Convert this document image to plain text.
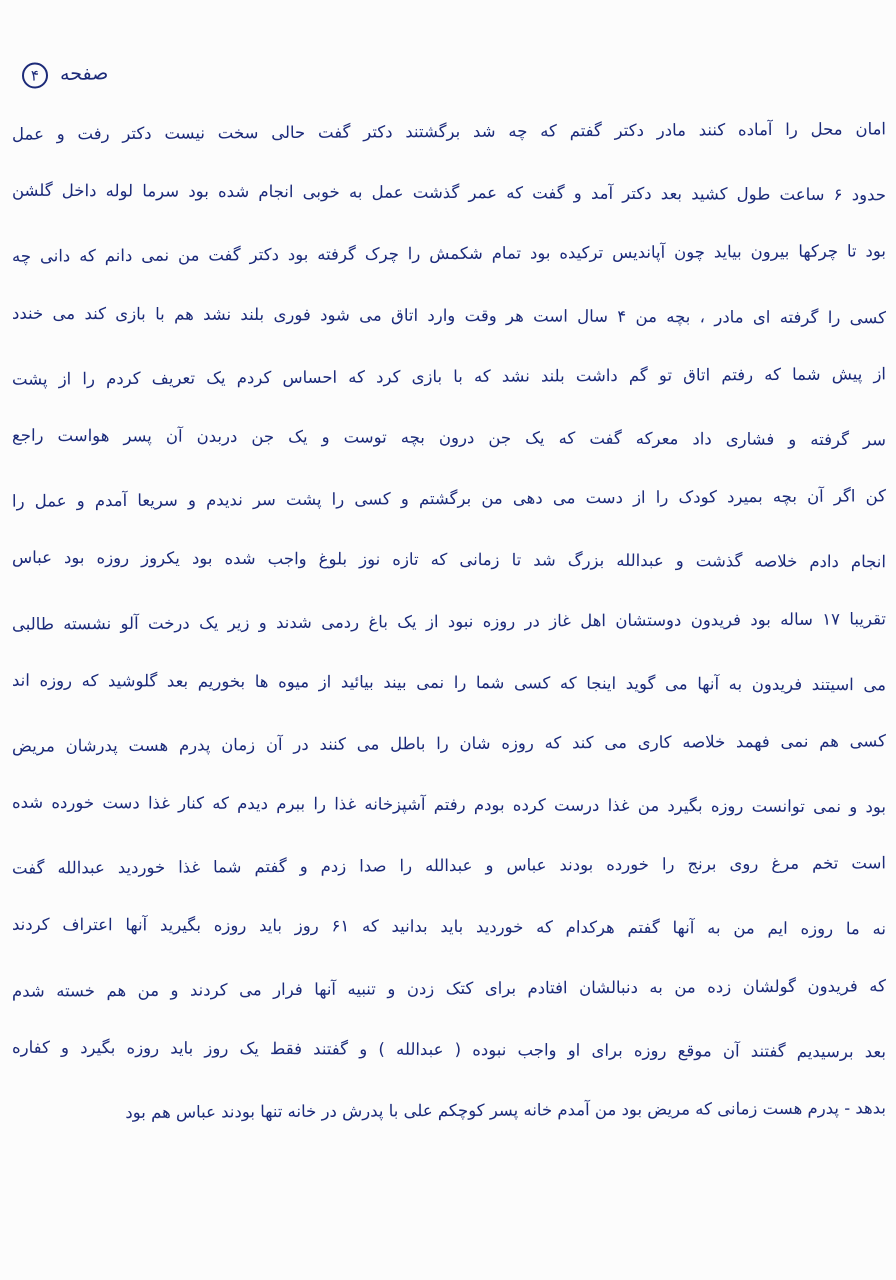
صفحه ۴
امان محل را آماده کنند مادر دکتر گفتم که چه شد برگشتند دکتر گفت حالی سخت نیست دکتر رفت و عمل
حدود ۶ ساعت طول کشید بعد دکتر آمد و گفت که عمر گذشت عمل به خوبی انجام شده بود سرما لوله داخل گلشن
بود تا چرکها بیرون بیاید چون آپاندیس ترکیده بود تمام شکمش را چرک گرفته بود دکتر گفت من نمی دانم که دانی چه
کسی را گرفته ای مادر ، بچه من ۴ سال است هر وقت وارد اتاق می شود فوری بلند نشد هم با بازی کند می خندد
از پیش شما که رفتم اتاق تو گم داشت بلند نشد که با بازی کرد که احساس کردم یک تعریف کردم را از پشت
سر گرفته و فشاری داد معرکه گفت که یک جن درون بچه توست و یک جن دربدن آن پسر هواست راجع
کن اگر آن بچه بمیرد کودک را از دست می دهی من برگشتم و کسی را پشت سر ندیدم و سریعا آمدم و عمل را
انجام دادم خلاصه گذشت و عبدالله بزرگ شد تا زمانی که تازه نوز بلوغ واجب شده بود یکروز روزه بود عباس
تقریبا ۱۷ ساله بود فریدون دوستشان اهل غاز در روزه نبود از یک باغ ردمی شدند و زیر یک درخت آلو نشسته طالبی
می اسیتند فریدون به آنها می گوید اینجا که کسی شما را نمی بیند بیائید از میوه ها بخوریم بعد گلوشید که روزه اند
کسی هم نمی فهمد خلاصه کاری می کند که روزه شان را باطل می کنند در آن زمان پدرم هست پدرشان مریض
بود و نمی توانست روزه بگیرد من غذا درست کرده بودم رفتم آشپزخانه غذا را ببرم دیدم که کنار غذا دست خورده شده
است تخم مرغ روی برنج را خورده بودند عباس و عبدالله را صدا زدم و گفتم شما غذا خوردید عبدالله گفت
نه ما روزه ایم من به آنها گفتم هرکدام که خوردید باید بدانید که ۶۱ روز باید روزه بگیرید آنها اعتراف کردند
که فریدون گولشان زده من به دنبالشان افتادم برای کتک زدن و تنبیه آنها فرار می کردند و من هم خسته شدم
بعد برسیدیم گفتند آن موقع روزه برای او واجب نبوده ( عبدالله ) و گفتند فقط یک روز باید روزه بگیرد و کفاره
بدهد - پدرم هست زمانی که مریض بود من آمدم خانه پسر کوچکم علی با پدرش در خانه تنها بودند عباس هم بود
